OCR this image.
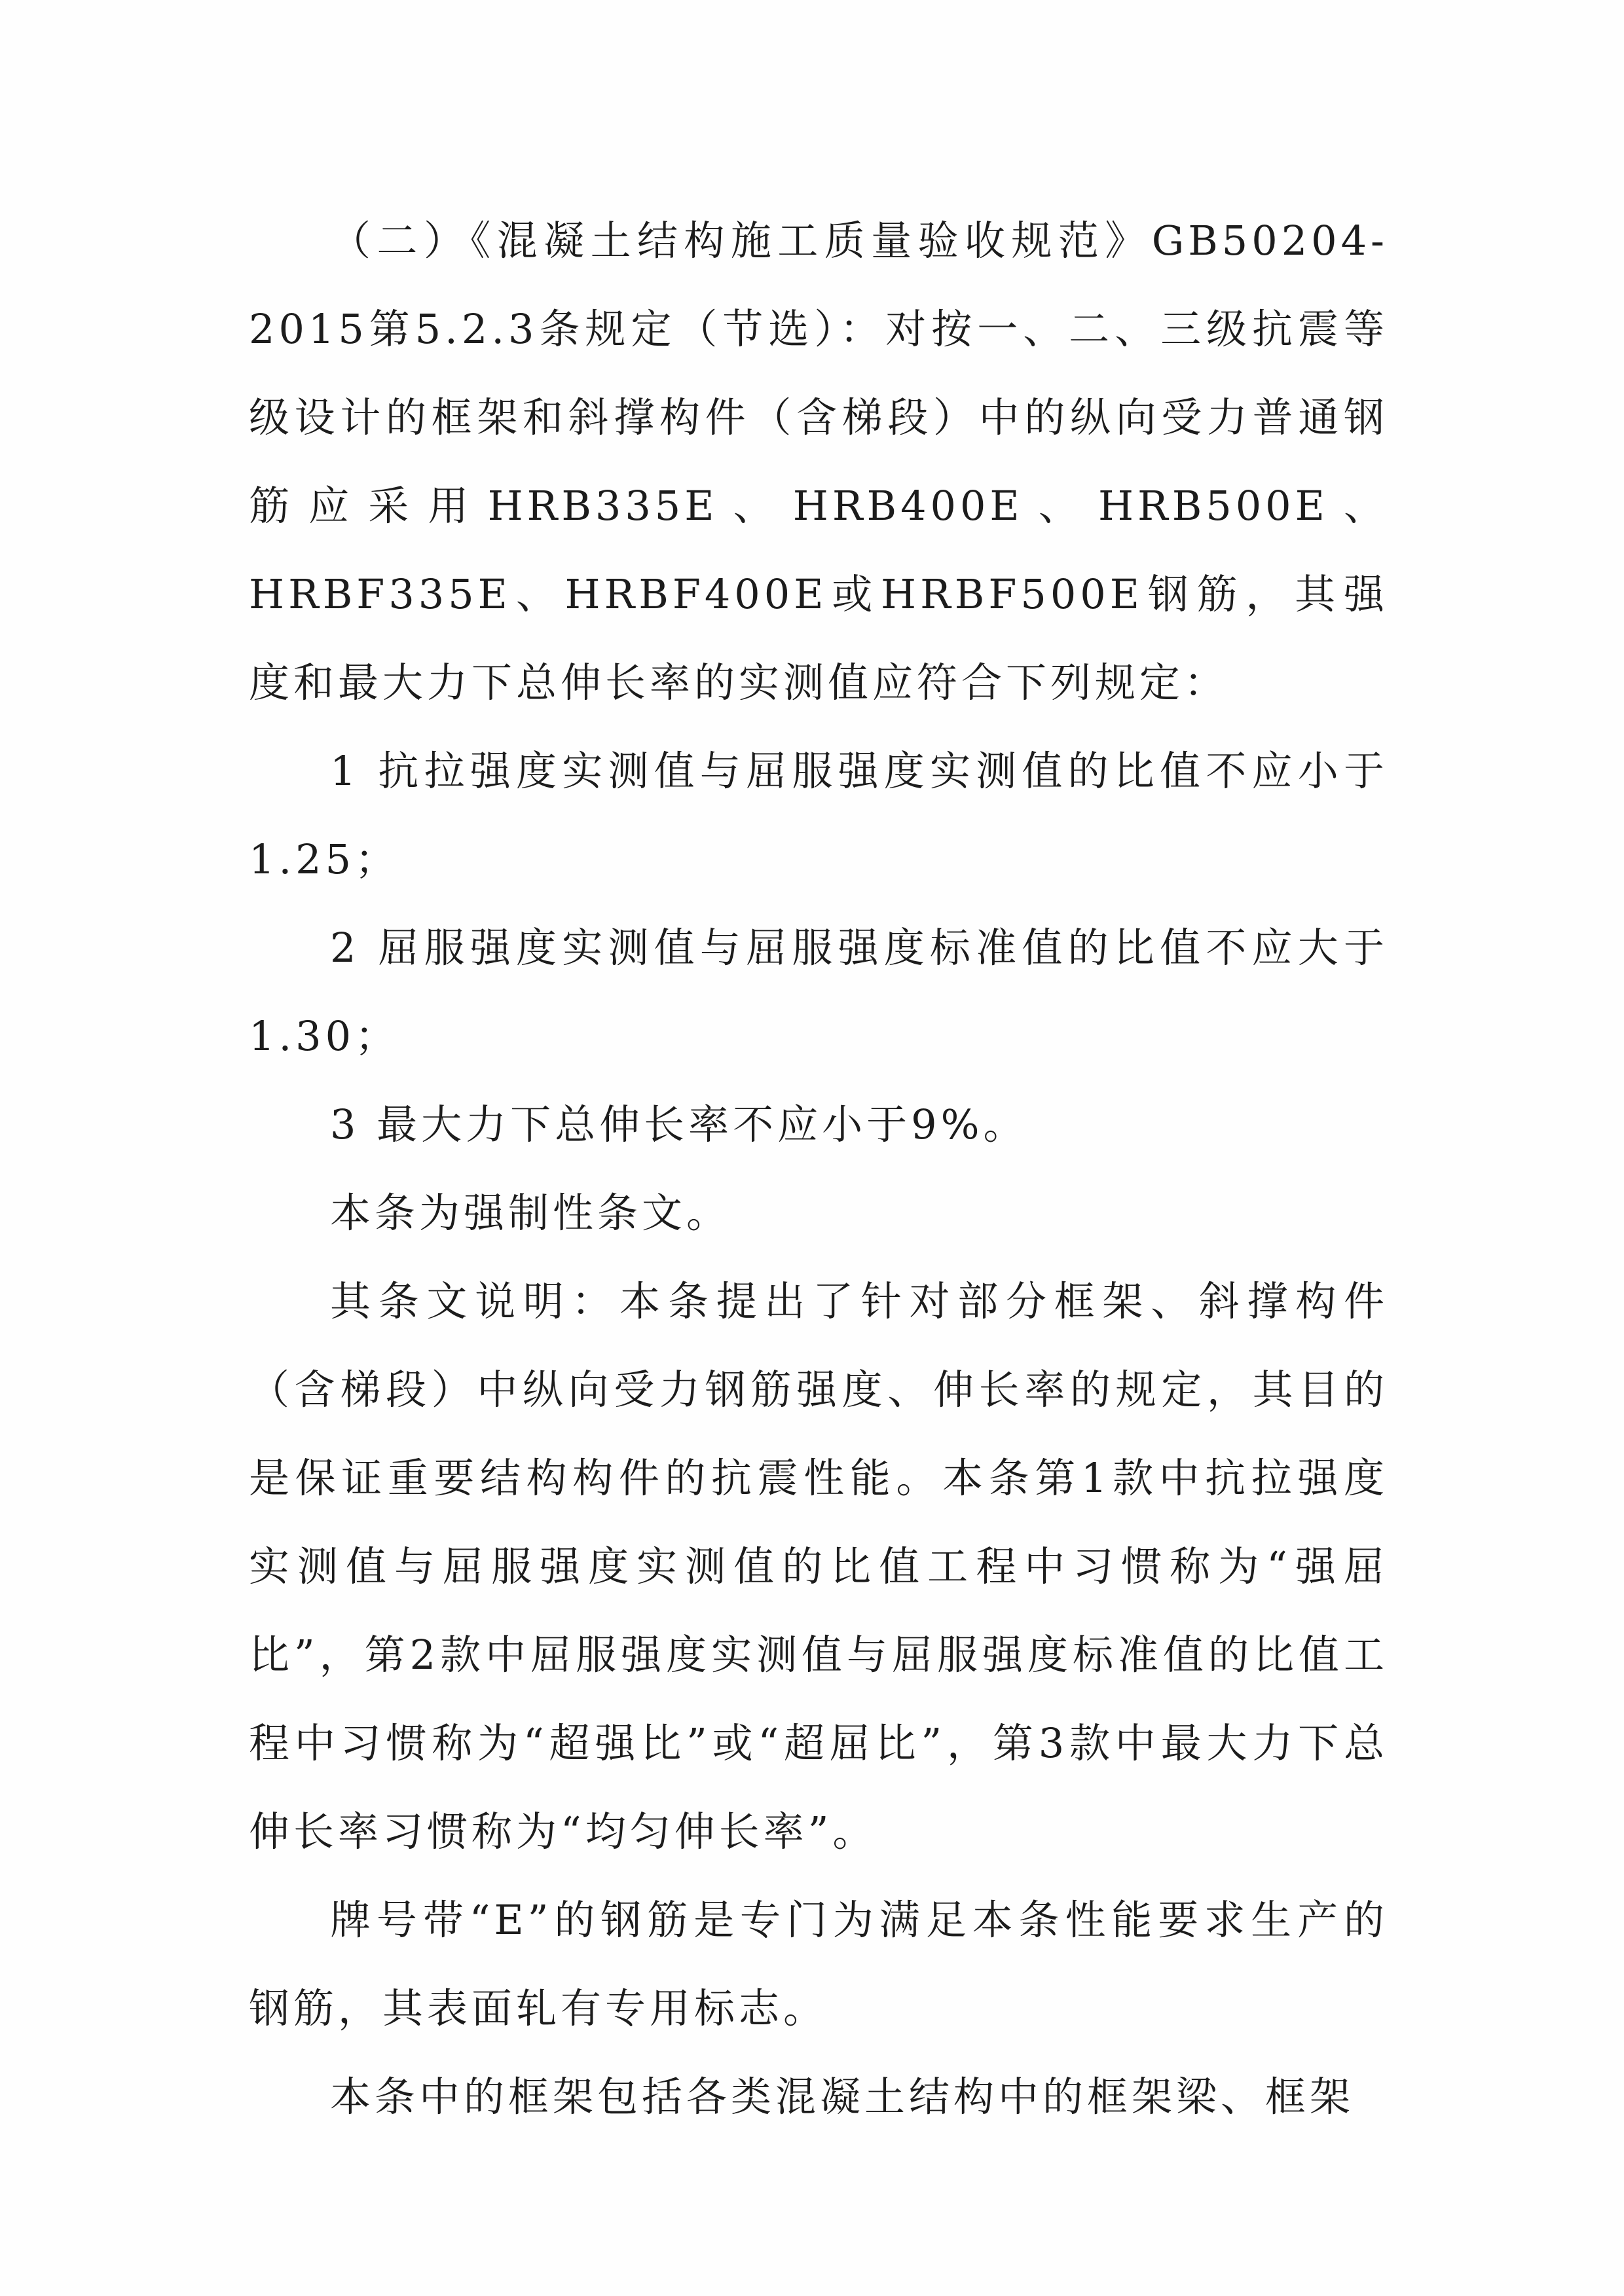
（二）《混凝土结构施工质量验收规范》GB50204-2015第5.2.3条规定（节选）：对按一、二、三级抗震等级设计的框架和斜撑构件（含梯段）中的纵向受力普通钢筋应采用HRB335E、HRB400E、HRB500E、HRBF335E、HRBF400E或HRBF500E钢筋，其强度和最大力下总伸长率的实测值应符合下列规定：

1 抗拉强度实测值与屈服强度实测值的比值不应小于1.25；

2 屈服强度实测值与屈服强度标准值的比值不应大于1.30；

3 最大力下总伸长率不应小于9%。

本条为强制性条文。

其条文说明：本条提出了针对部分框架、斜撑构件（含梯段）中纵向受力钢筋强度、伸长率的规定，其目的是保证重要结构构件的抗震性能。本条第1款中抗拉强度实测值与屈服强度实测值的比值工程中习惯称为“强屈比”，第2款中屈服强度实测值与屈服强度标准值的比值工程中习惯称为“超强比”或“超屈比”，第3款中最大力下总伸长率习惯称为“均匀伸长率”。

牌号带“E”的钢筋是专门为满足本条性能要求生产的钢筋，其表面轧有专用标志。

本条中的框架包括各类混凝土结构中的框架梁、框架
